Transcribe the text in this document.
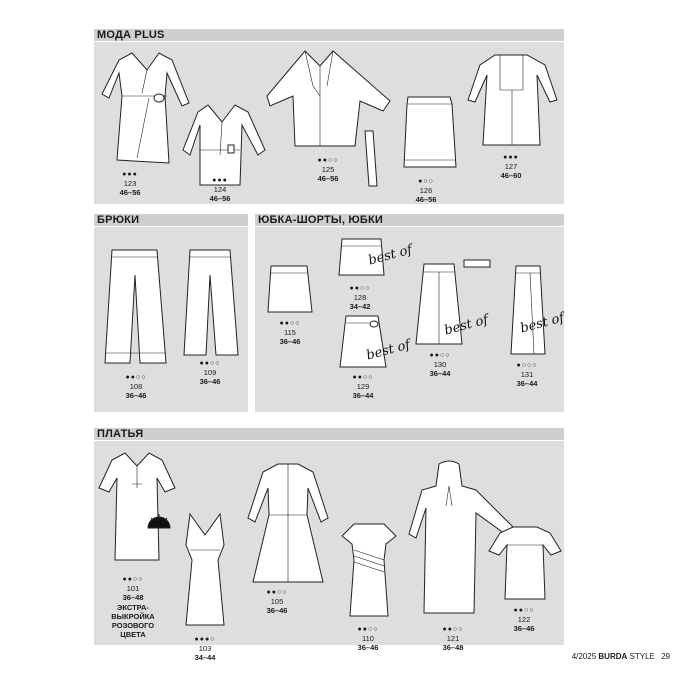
МОДА PLUS
●●●
123
46–56
●●●
124
46–56
●●○○
125
46–56	●○○
126
46–56
●●●
127
46–60
БРЮКИ
●●○○
108
36–46
●●○○
109
36–46
ЮБКА-ШОРТЫ, ЮБКИ
●●○○
115
36–46
best of
●●○○
128
34–42
best of
●●○○
129
36–44
best of
●●○○
130
36–44
best of
●○○○
131
36–44
ПЛАТЬЯ
●●○○
101
36–48
ЭКСТРА-ВЫКРОЙКА РОЗОВОГО ЦВЕТА
●●●○
103
34–44
●●○○
105
36–46
●●○○
110
36–46
●●○○
121
36–48
●●○○
122
36–46
4/2025 BURDA STYLE 29
